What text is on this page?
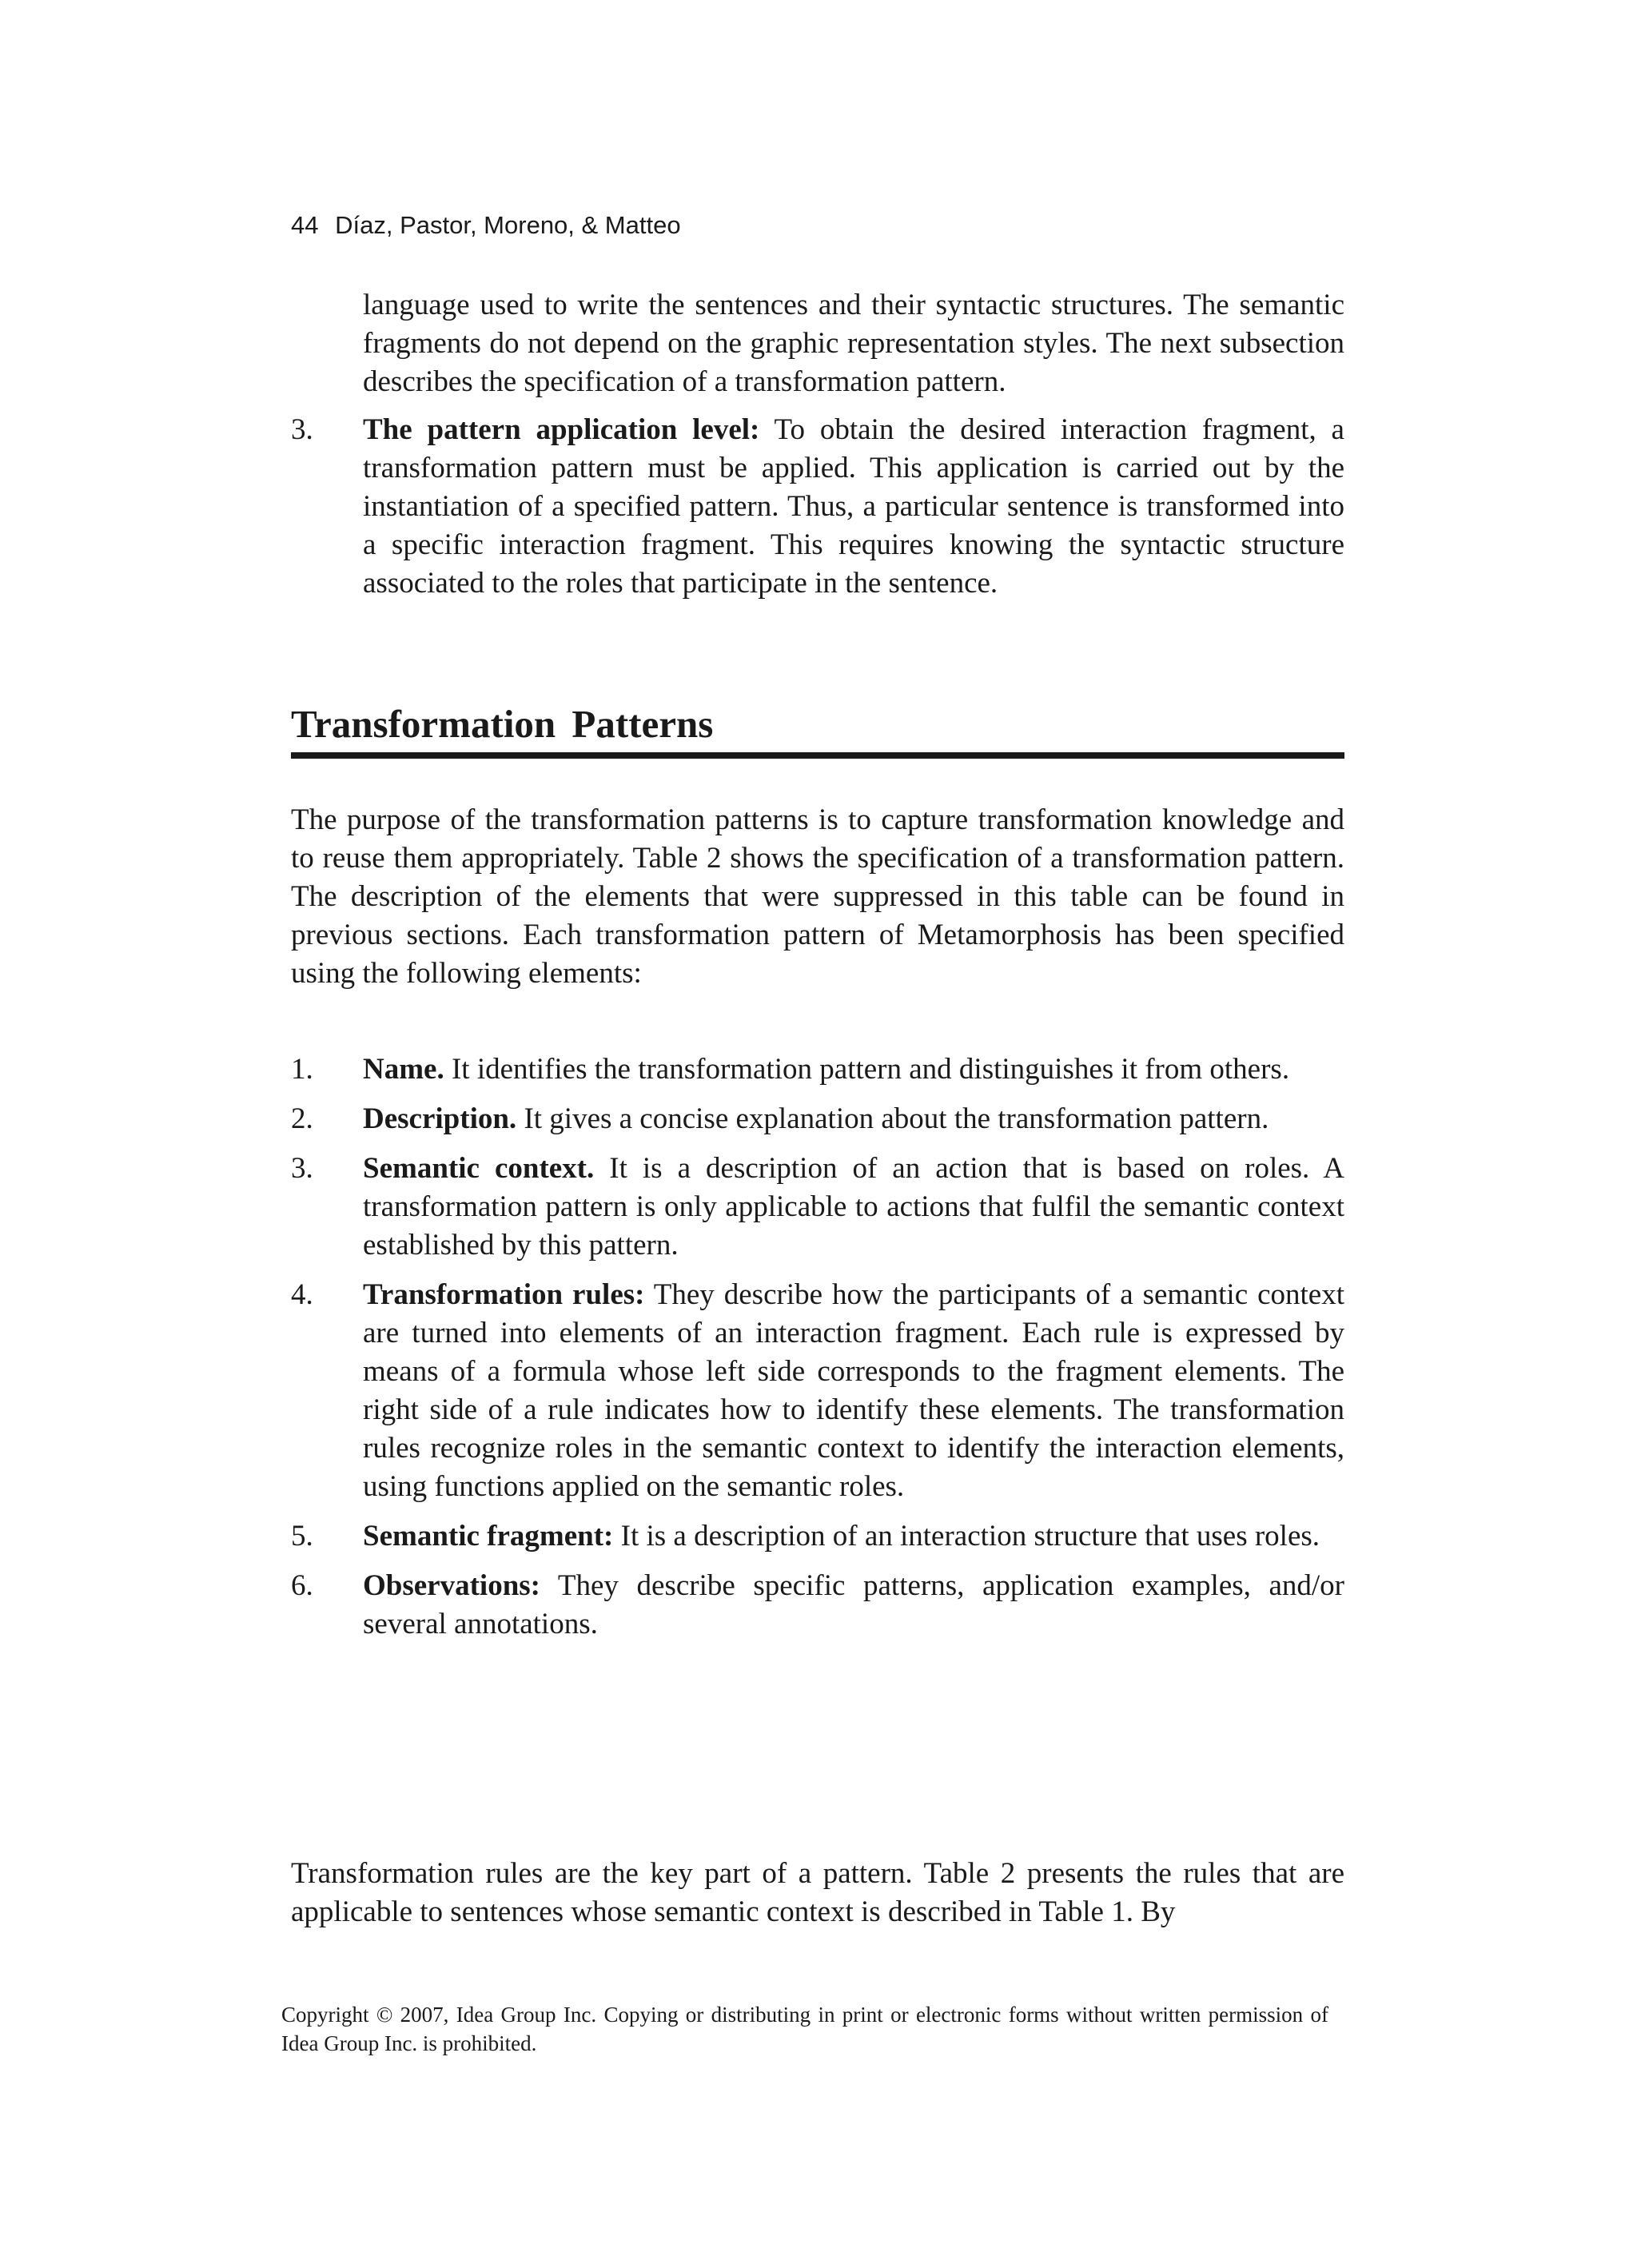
44 Díaz, Pastor, Moreno, & Matteo
language used to write the sentences and their syntactic structures. The semantic fragments do not depend on the graphic representation styles. The next subsection describes the specification of a transformation pattern.
3.	The pattern application level: To obtain the desired interaction fragment, a transformation pattern must be applied. This application is carried out by the instantiation of a specified pattern. Thus, a particular sentence is transformed into a specific interaction fragment. This requires knowing the syntactic structure associated to the roles that participate in the sentence.
Transformation Patterns
The purpose of the transformation patterns is to capture transformation knowledge and to reuse them appropriately. Table 2 shows the specification of a transformation pattern. The description of the elements that were suppressed in this table can be found in previous sections. Each transformation pattern of Metamorphosis has been specified using the following elements:
1.	Name. It identifies the transformation pattern and distinguishes it from others.
2.	Description. It gives a concise explanation about the transformation pattern.
3.	Semantic context. It is a description of an action that is based on roles. A transformation pattern is only applicable to actions that fulfil the semantic context established by this pattern.
4.	Transformation rules: They describe how the participants of a semantic context are turned into elements of an interaction fragment. Each rule is expressed by means of a formula whose left side corresponds to the fragment elements. The right side of a rule indicates how to identify these elements. The transformation rules recognize roles in the semantic context to identify the interaction elements, using functions applied on the semantic roles.
5.	Semantic fragment: It is a description of an interaction structure that uses roles.
6.	Observations: They describe specific patterns, application examples, and/or several annotations.
Transformation rules are the key part of a pattern. Table 2 presents the rules that are applicable to sentences whose semantic context is described in Table 1. By
Copyright © 2007, Idea Group Inc. Copying or distributing in print or electronic forms without written permission of Idea Group Inc. is prohibited.
